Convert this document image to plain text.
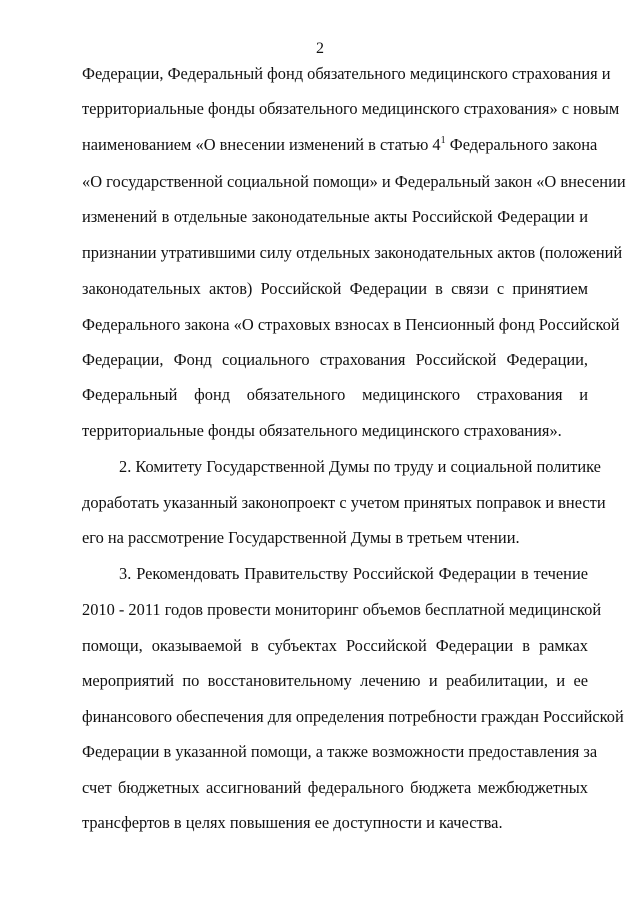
2
Федерации, Федеральный фонд обязательного медицинского страхования и
территориальные фонды обязательного медицинского страхования» с новым
наименованием «О внесении изменений в статью $4^1$ Федерального закона
«О государственной социальной помощи» и Федеральный закон «О внесении
изменений в отдельные законодательные акты Российской Федерации и
признании утратившими силу отдельных законодательных актов (положений
законодательных актов) Российской Федерации в связи с принятием
Федерального закона «О страховых взносах в Пенсионный фонд Российской
Федерации, Фонд социального страхования Российской Федерации,
Федеральный фонд обязательного медицинского страхования и
территориальные фонды обязательного медицинского страхования».
2. Комитету Государственной Думы по труду и социальной политике
доработать указанный законопроект с учетом принятых поправок и внести
его на рассмотрение Государственной Думы в третьем чтении.
3. Рекомендовать Правительству Российской Федерации в течение
2010 - 2011 годов провести мониторинг объемов бесплатной медицинской
помощи, оказываемой в субъектах Российской Федерации в рамках
мероприятий по восстановительному лечению и реабилитации, и ее
финансового обеспечения для определения потребности граждан Российской
Федерации в указанной помощи, а также возможности предоставления за
счет бюджетных ассигнований федерального бюджета межбюджетных
трансфертов в целях повышения ее доступности и качества.
